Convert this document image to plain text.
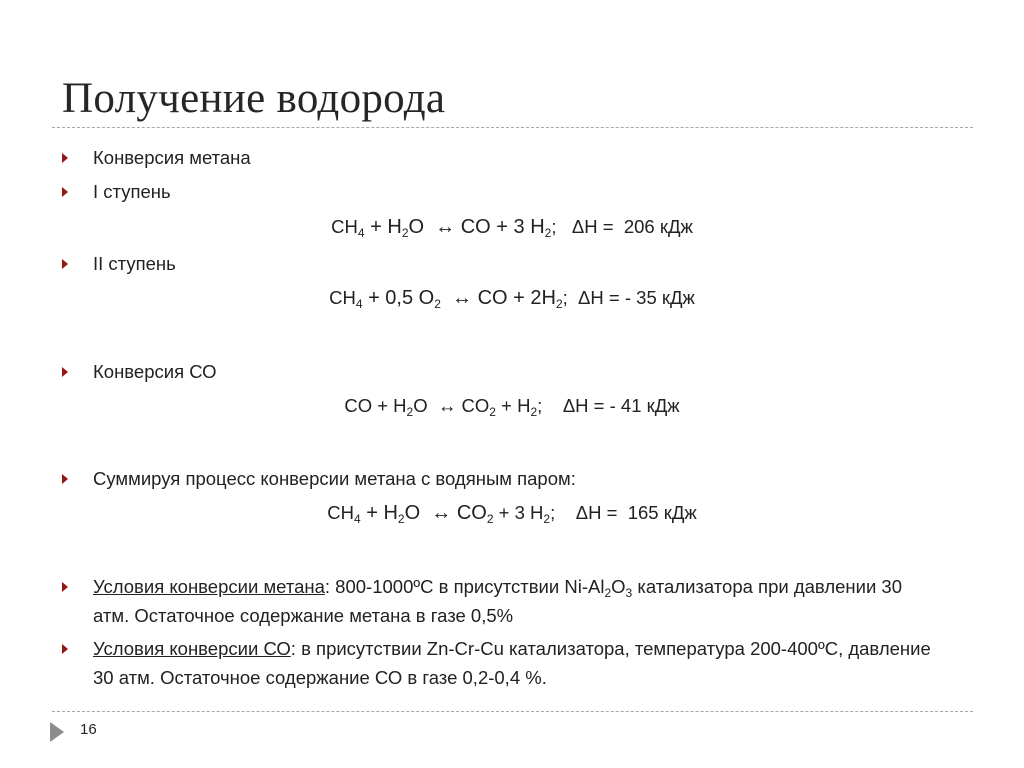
Получение водорода
Конверсия метана
I ступень
$CH_4 + H_2O$  ↔ CO + 3 $H_2$;   ΔH =  206 кДж
II ступень
$CH_4 + 0,5$ $O_2$  ↔ CO + $2H_2$;  ΔH = - 35 кДж
Конверсия СО
CO + $H_2O$  ↔ $CO_2 + H_2$;    ΔH = - 41 кДж
Суммируя процесс конверсии метана с водяным паром:
$CH_4 + H_2O$  ↔ $CO_2 + 3$ $H_2$;    ΔH =  165 кДж
Условия конверсии метана: 800-1000ºС в присутствии $Ni-Al_2O_3$ катализатора при давлении 30 атм. Остаточное содержание метана в газе 0,5%
Условия конверсии СО: в присутствии Zn-Cr-Cu катализатора, температура 200-400ºС, давление 30 атм. Остаточное содержание СО в газе 0,2-0,4 %.
16
